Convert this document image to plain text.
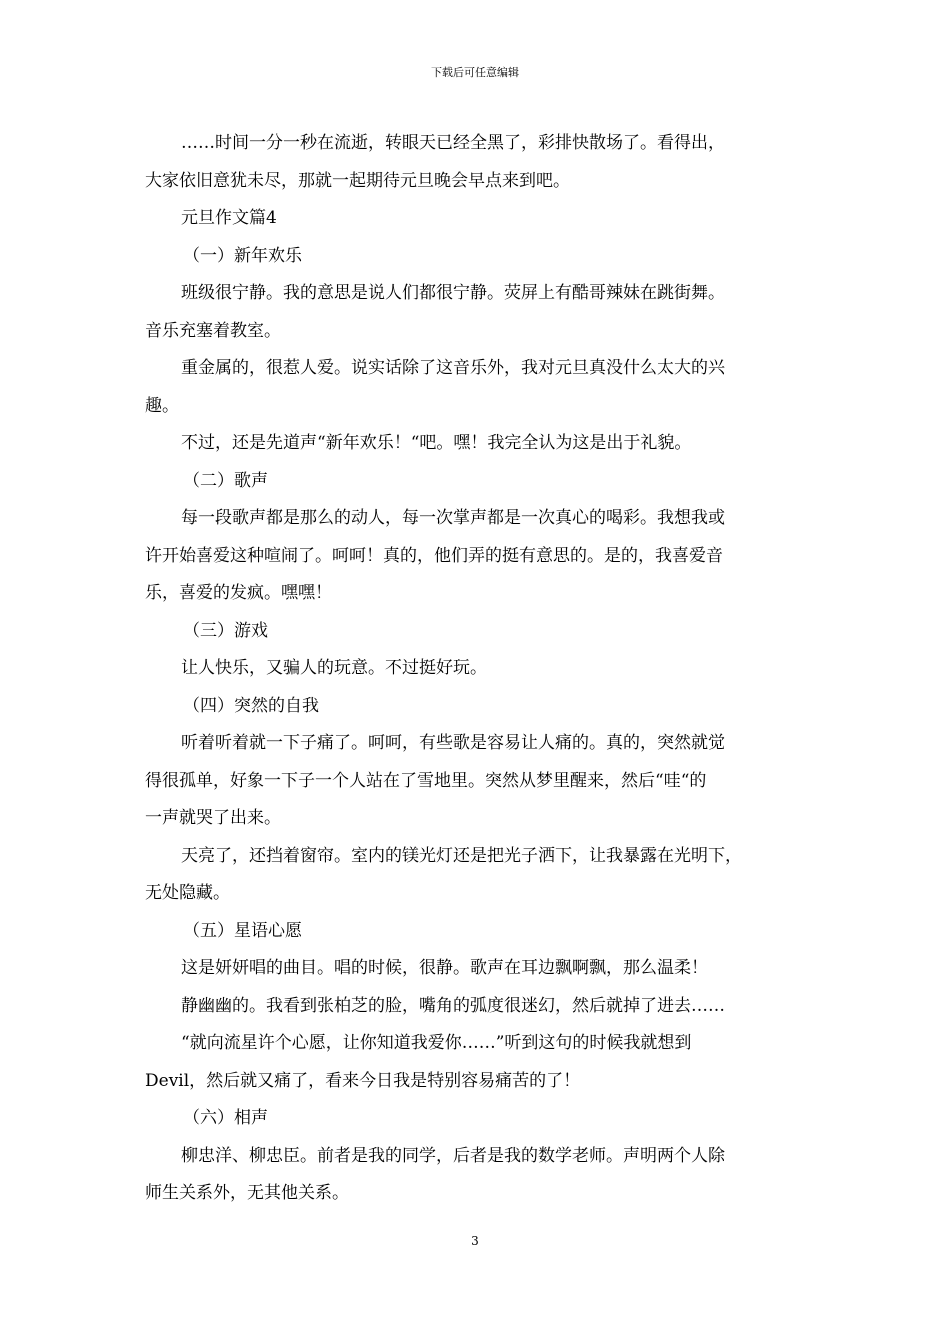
下载后可任意编辑

……时间一分一秒在流逝，转眼天已经全黑了，彩排快散场了。看得出，

大家依旧意犹未尽，那就一起期待元旦晚会早点来到吧。

元旦作文篇4

（一）新年欢乐

班级很宁静。我的意思是说人们都很宁静。荧屏上有酷哥辣妹在跳街舞。

音乐充塞着教室。

重金属的，很惹人爱。说实话除了这音乐外，我对元旦真没什么太大的兴

趣。

不过，还是先道声“新年欢乐！“吧。嘿！我完全认为这是出于礼貌。

（二）歌声

每一段歌声都是那么的动人，每一次掌声都是一次真心的喝彩。我想我或

许开始喜爱这种喧闹了。呵呵！真的，他们弄的挺有意思的。是的，我喜爱音

乐，喜爱的发疯。嘿嘿！

（三）游戏

让人快乐，又骗人的玩意。不过挺好玩。

（四）突然的自我

听着听着就一下子痛了。呵呵，有些歌是容易让人痛的。真的，突然就觉

得很孤单，好象一下子一个人站在了雪地里。突然从梦里醒来，然后“哇“的

一声就哭了出来。

天亮了，还挡着窗帘。室内的镁光灯还是把光子洒下，让我暴露在光明下，

无处隐藏。

（五）星语心愿

这是妍妍唱的曲目。唱的时候，很静。歌声在耳边飘啊飘，那么温柔！

静幽幽的。我看到张柏芝的脸，嘴角的弧度很迷幻，然后就掉了进去……

“就向流星许个心愿，让你知道我爱你……”听到这句的时候我就想到

Devil，然后就又痛了，看来今日我是特别容易痛苦的了！

（六）相声

柳忠洋、柳忠臣。前者是我的同学，后者是我的数学老师。声明两个人除

师生关系外，无其他关系。

3
